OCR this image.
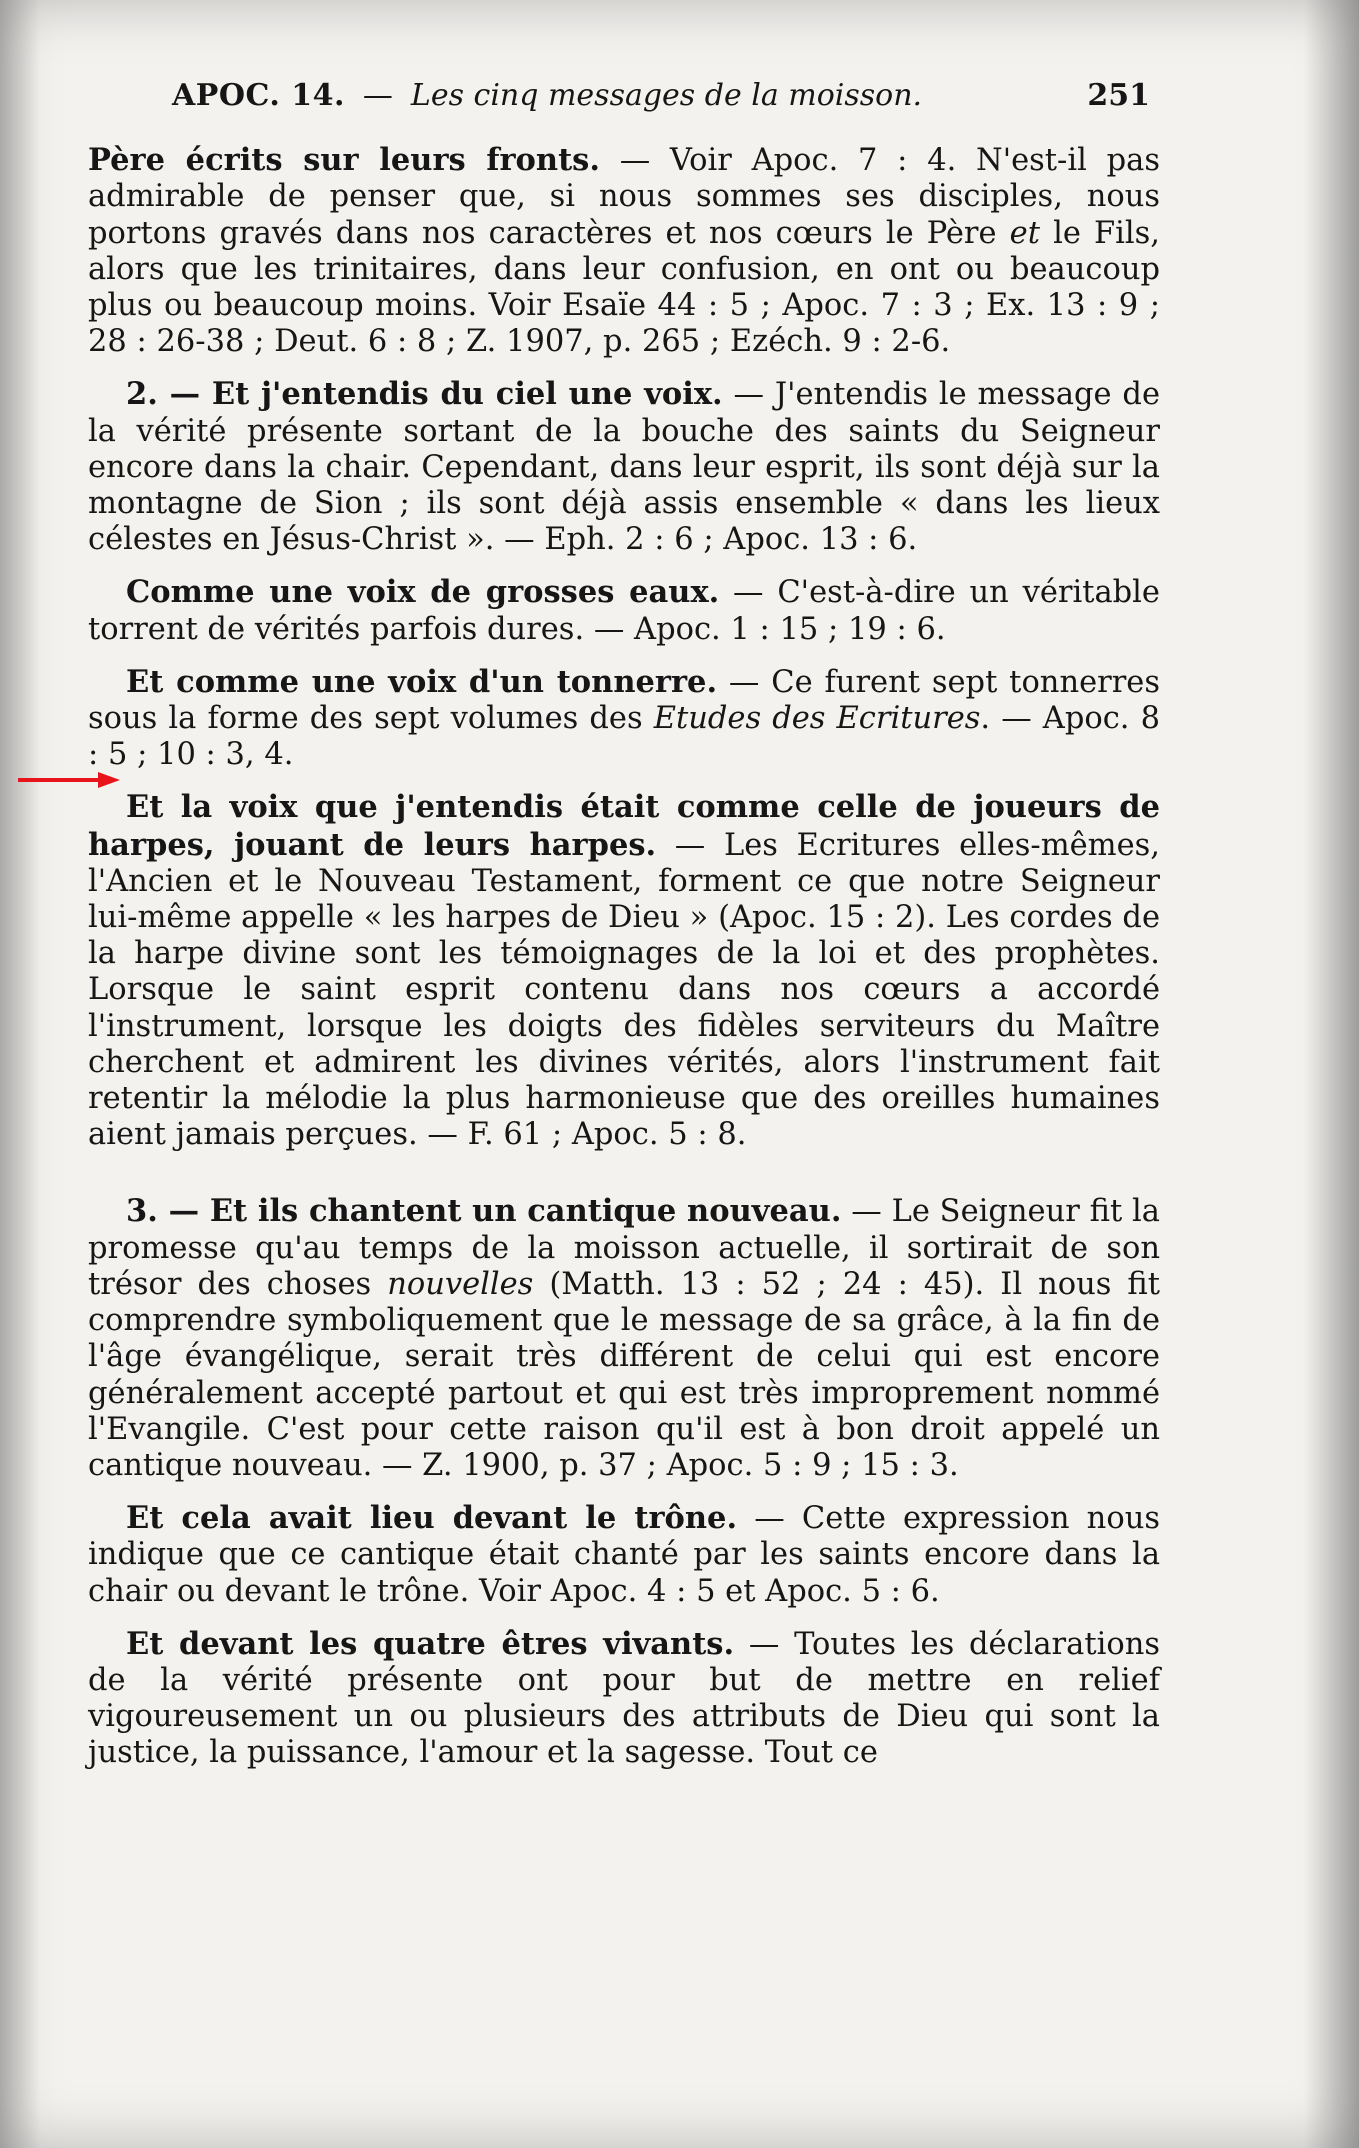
APOC. 14. — Les cinq messages de la moisson.	251

Père écrits sur leurs fronts. — Voir Apoc. 7 : 4. N'est-il pas admirable de penser que, si nous sommes ses disciples, nous portons gravés dans nos caractères et nos cœurs le Père et le Fils, alors que les trinitaires, dans leur confusion, en ont ou beaucoup plus ou beaucoup moins. Voir Esaïe 44 : 5 ; Apoc. 7 : 3 ; Ex. 13 : 9 ; 28 : 26-38 ; Deut. 6 : 8 ; Z. 1907, p. 265 ; Ezéch. 9 : 2-6.

2. — Et j'entendis du ciel une voix. — J'entendis le message de la vérité présente sortant de la bouche des saints du Seigneur encore dans la chair. Cependant, dans leur esprit, ils sont déjà sur la montagne de Sion ; ils sont déjà assis ensemble « dans les lieux célestes en Jésus-Christ ». — Eph. 2 : 6 ; Apoc. 13 : 6.

Comme une voix de grosses eaux. — C'est-à-dire un véritable torrent de vérités parfois dures. — Apoc. 1 : 15 ; 19 : 6.

Et comme une voix d'un tonnerre. — Ce furent sept tonnerres sous la forme des sept volumes des Etudes des Ecritures. — Apoc. 8 : 5 ; 10 : 3, 4.

Et la voix que j'entendis était comme celle de joueurs de harpes, jouant de leurs harpes. — Les Ecritures elles-mêmes, l'Ancien et le Nouveau Testament, forment ce que notre Seigneur lui-même appelle « les harpes de Dieu » (Apoc. 15 : 2). Les cordes de la harpe divine sont les témoignages de la loi et des prophètes. Lorsque le saint esprit contenu dans nos cœurs a accordé l'instrument, lorsque les doigts des fidèles serviteurs du Maître cherchent et admirent les divines vérités, alors l'instrument fait retentir la mélodie la plus harmonieuse que des oreilles humaines aient jamais perçues. — F. 61 ; Apoc. 5 : 8.

3. — Et ils chantent un cantique nouveau. — Le Seigneur fit la promesse qu'au temps de la moisson actuelle, il sortirait de son trésor des choses nouvelles (Matth. 13 : 52 ; 24 : 45). Il nous fit comprendre symboliquement que le message de sa grâce, à la fin de l'âge évangélique, serait très différent de celui qui est encore généralement accepté partout et qui est très improprement nommé l'Evangile. C'est pour cette raison qu'il est à bon droit appelé un cantique nouveau. — Z. 1900, p. 37 ; Apoc. 5 : 9 ; 15 : 3.

Et cela avait lieu devant le trône. — Cette expression nous indique que ce cantique était chanté par les saints encore dans la chair ou devant le trône. Voir Apoc. 4 : 5 et Apoc. 5 : 6.

Et devant les quatre êtres vivants. — Toutes les déclarations de la vérité présente ont pour but de mettre en relief vigoureusement un ou plusieurs des attributs de Dieu qui sont la justice, la puissance, l'amour et la sagesse. Tout ce
